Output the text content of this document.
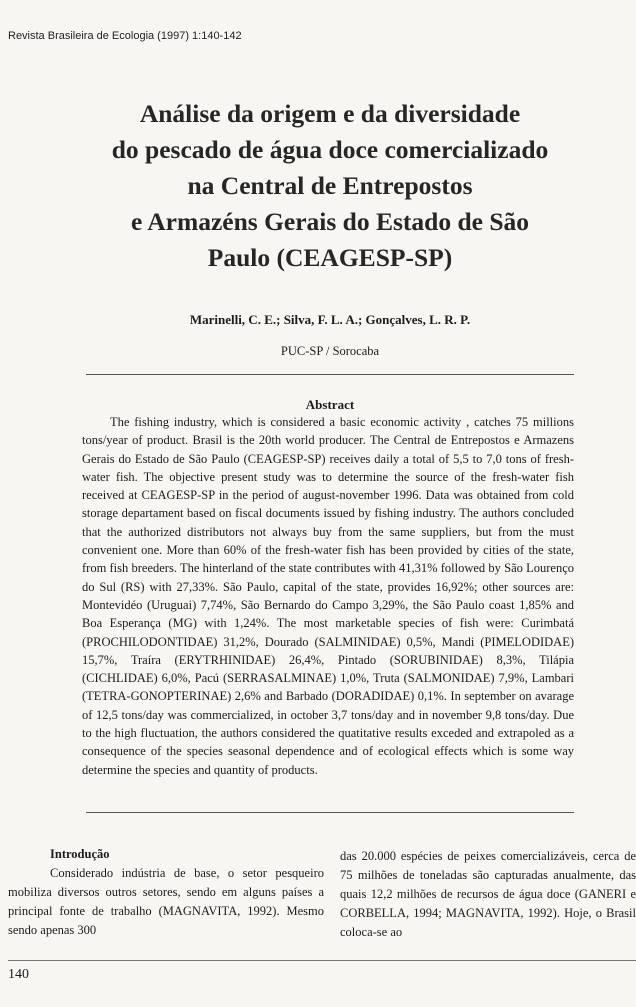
Revista Brasileira de Ecologia (1997) 1:140-142
Análise da origem e da diversidade
do pescado de água doce comercializado
na Central de Entrepostos
e Armazéns Gerais do Estado de São
Paulo (CEAGESP-SP)
Marinelli, C. E.; Silva, F. L. A.; Gonçalves, L. R. P.
PUC-SP / Sorocaba
Abstract

The fishing industry, which is considered a basic economic activity , catches 75 millions tons/year of product. Brasil is the 20th world producer. The Central de Entrepostos e Armazens Gerais do Estado de São Paulo (CEAGESP-SP) receives daily a total of 5,5 to 7,0 tons of fresh-water fish. The objective present study was to determine the source of the fresh-water fish received at CEAGESP-SP in the period of august-november 1996. Data was obtained from cold storage departament based on fiscal documents issued by fishing industry. The authors concluded that the authorized distributors not always buy from the same suppliers, but from the must convenient one. More than 60% of the fresh-water fish has been provided by cities of the state, from fish breeders. The hinterland of the state contributes with 41,31% followed by São Lourenço do Sul (RS) with 27,33%. São Paulo, capital of the state, provides 16,92%; other sources are: Montevidéo (Uruguai) 7,74%, São Bernardo do Campo 3,29%, the São Paulo coast 1,85% and Boa Esperança (MG) with 1,24%. The most marketable species of fish were: Curimbatá (PROCHILODONTIDAE) 31,2%, Dourado (SALMINIDAE) 0,5%, Mandi (PIMELODIDAE) 15,7%, Traíra (ERYTRHINIDAE) 26,4%, Pintado (SORUBINIDAE) 8,3%, Tilápia (CICHLIDAE) 6,0%, Pacú (SERRASALMINAE) 1,0%, Truta (SALMONIDAE) 7,9%, Lambari (TETRA-GONOPTERINAE) 2,6% and Barbado (DORADIDAE) 0,1%. In september on avarage of 12,5 tons/day was commercialized, in october 3,7 tons/day and in november 9,8 tons/day. Due to the high fluctuation, the authors considered the quatitative results exceded and extrapoled as a consequence of the species seasonal dependence and of ecological effects which is some way determine the species and quantity of products.

Introdução

Considerado indústria de base, o setor pesqueiro mobiliza diversos outros setores, sendo em alguns países a principal fonte de trabalho (MAGNAVITA, 1992). Mesmo sendo apenas 300

das 20.000 espécies de peixes comercializáveis, cerca de 75 milhões de toneladas são capturadas anualmente, das quais 12,2 milhões de recursos de água doce (GANERI e CORBELLA, 1994; MAGNAVITA, 1992). Hoje, o Brasil coloca-se ao

140
